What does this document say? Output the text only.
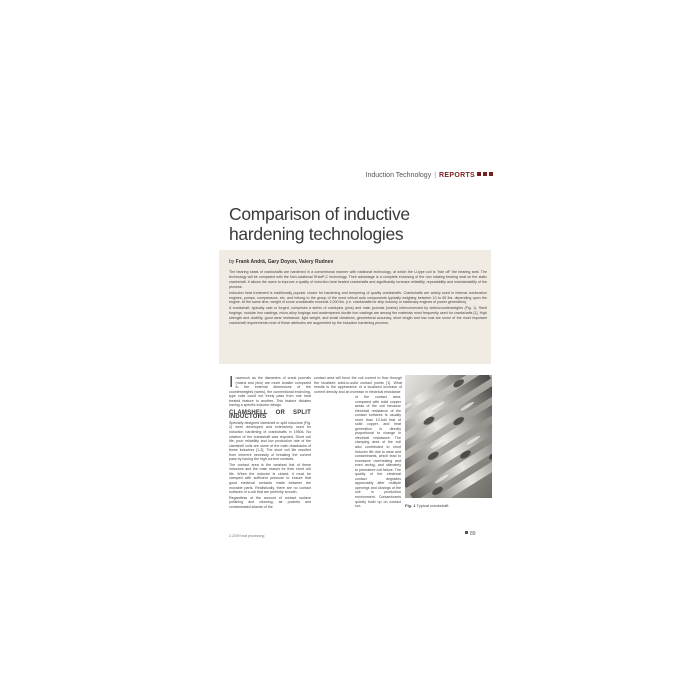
Induction Technology | REPORTS
Comparison of inductive
hardening technologies
by Frank Andrä, Gary Doyon, Valery Rudnev

The bearing seats of crankshafts are hardened in a conventional manner with rotational technology, at which the U-type coil is "ride off" the bearing seat. The technology will be compared with the Non-rotational SHarP-C technology. Their advantage is a complete enclosing of the non rotating bearing seat on the static crankshaft. It allows the users to improve a quality of induction heat treated crankshafts and significantly increase reliability, repeatability and maintainability of the process.

Induction heat treatment is traditionally popular choice for hardening and tempering of quality crankshafts. Crankshafts are widely used in internal combustion engines, pumps, compressors, etc. and belong to the group of the most critical auto components typically weighing between 10 to 65 lbs. depending upon the engine. At the same time, weight of some crankshafts exceeds 2,000 lbs. (i.e. crankshafts for ship industry or stationary engines of power generation).

A crankshaft, typically cast or forged, comprises a series of crankpins (pins) and main journals (mains) interconnected by webs/counterweights (Fig. 1). Steel forgings, nodular iron castings, micro-alloy forgings and austempered ductile iron castings are among the materials most frequently used for crankshafts [1]. High strength and ductility, good wear resistance, light weight, and small vibrations, geometrical accuracy, short length and low cost are some of the most important crankshaft requirements most of these attributes are augmented by the induction hardening process.

Insomuch as the diameters of crank journals (mains and pins) are much smaller compared to the external dimensions of the counterweights (webs), the conventional encircling-type coils could not freely pass from one heat treated feature to another. This feature dictates having a specific inductor design.

CLAMSHELL OR SPLIT INDUCTORS

Specially designed clamshell or split inductors (Fig. 2) were developed and extensively used for induction hardening of crankshafts in 1950s. No rotation of the crankshaft was required. Short coil life, poor reliability and low production rate of the clamshell coils are some of the main drawbacks of these inductors [1-3]. The short coil life resulted from inherent necessity of breaking the current pass by having the high current contacts.

The contact area is the weakest link of these inductors and the main reason for their short coil life. When the inductor is closed, it must be clamped with sufficient pressure to ensure that good electrical contacts made between the movable parts. Realistically, there are no contact surfaces of a coil that are perfectly smooth.

Regardless of the amount of contact surface polishing and cleaning, air pockets and contaminated islands of the

contact area will force the coil current to flow through the localized solid-to-solid contact points [1]. What results is the appearance of a localized increase of current density and an increase in electrical resistance

of the contact area, compared with solid copper areas of the coil because electrical resistance of the contact surfaces is usually more than 10-fold that of solid copper, and heat generation is directly proportional to change in electrical resistance. The clamping area of the coil also contributed to short inductor life due to wear and contaminants, which lead to excessive overheating and even arcing, and ultimately to premature coil failure. The quality of the electrical contact degrades appreciably after multiple openings and closings of the coil in production environment. Contaminants quickly build up on contact sur-	Fig. 1 Typical crankshaft
2-2009 heat processing	89
